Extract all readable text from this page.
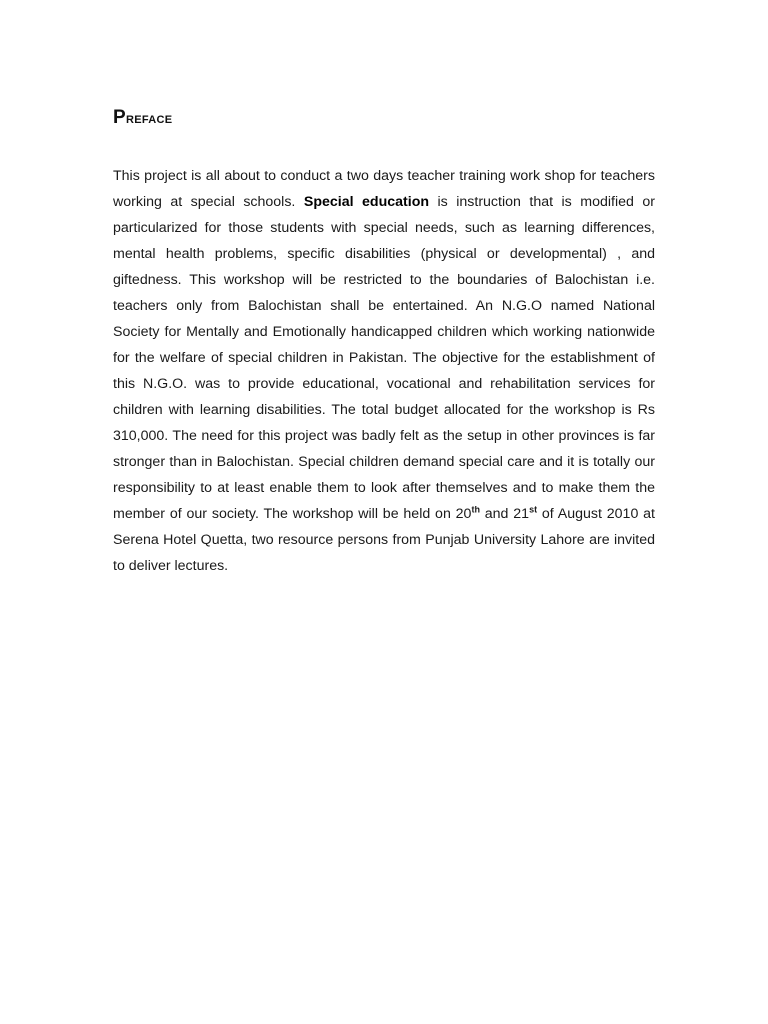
Preface

This project is all about to conduct a two days teacher training work shop for teachers working at special schools. Special education is instruction that is modified or particularized for those students with special needs, such as learning differences, mental health problems, specific disabilities (physical or developmental) , and giftedness. This workshop will be restricted to the boundaries of Balochistan i.e. teachers only from Balochistan shall be entertained. An N.G.O named National Society for Mentally and Emotionally handicapped children which working nationwide for the welfare of special children in Pakistan. The objective for the establishment of this N.G.O. was to provide educational, vocational and rehabilitation services for children with learning disabilities. The total budget allocated for the workshop is Rs 310,000. The need for this project was badly felt as the setup in other provinces is far stronger than in Balochistan. Special children demand special care and it is totally our responsibility to at least enable them to look after themselves and to make them the member of our society. The workshop will be held on 20th and 21st of August 2010 at Serena Hotel Quetta, two resource persons from Punjab University Lahore are invited to deliver lectures.
